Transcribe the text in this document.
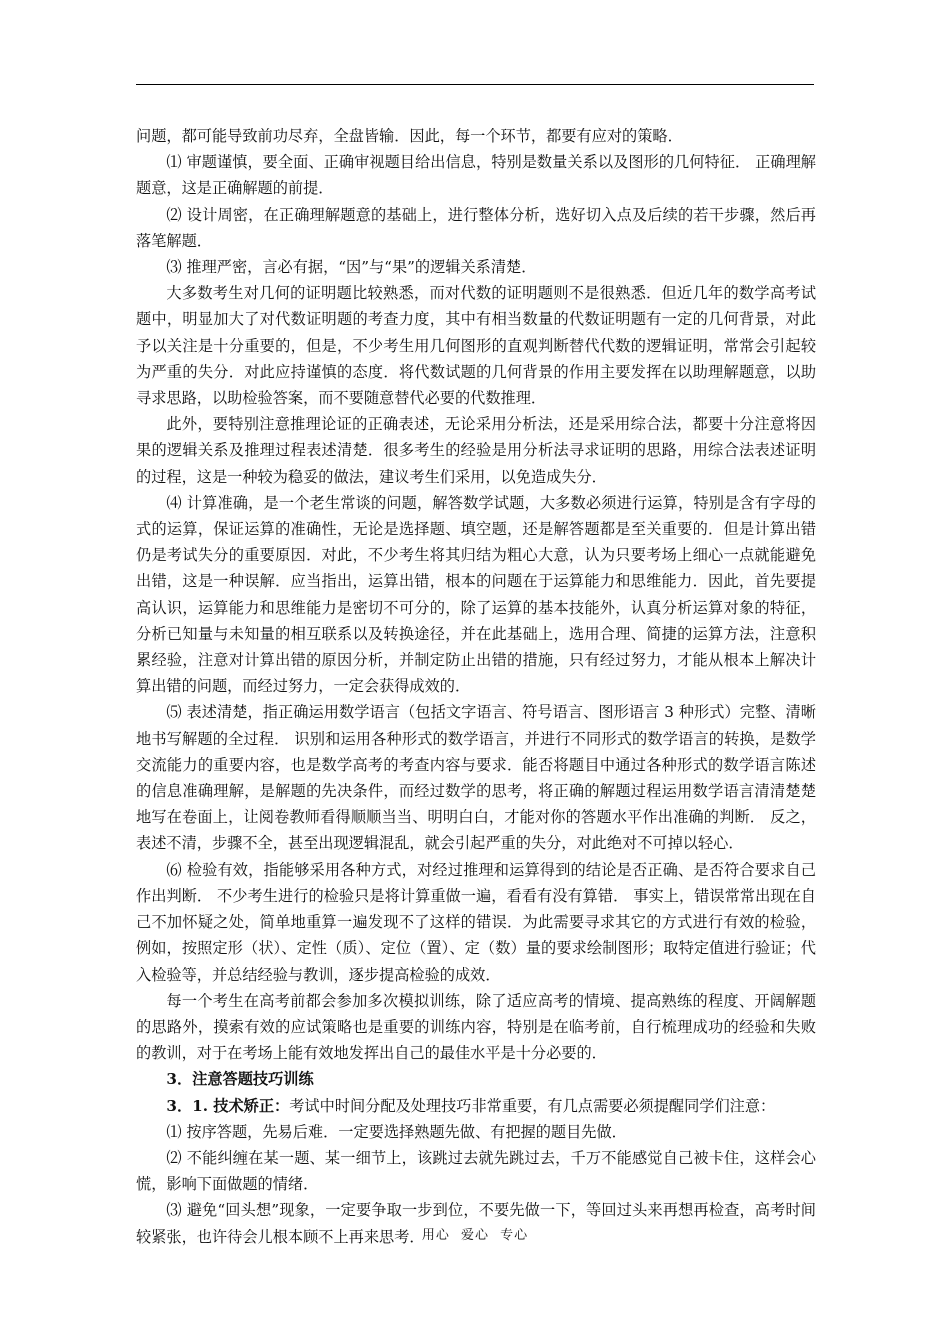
问题，都可能导致前功尽弃，全盘皆输．因此，每一个环节，都要有应对的策略．

⑴ 审题谨慎，要全面、正确审视题目给出信息，特别是数量关系以及图形的几何特征． 正确理解题意，这是正确解题的前提．

⑵ 设计周密，在正确理解题意的基础上，进行整体分析，选好切入点及后续的若干步骤，然后再落笔解题．

⑶ 推理严密，言必有据，“因”与“果”的逻辑关系清楚．

大多数考生对几何的证明题比较熟悉，而对代数的证明题则不是很熟悉．但近几年的数学高考试题中，明显加大了对代数证明题的考查力度，其中有相当数量的代数证明题有一定的几何背景，对此予以关注是十分重要的，但是，不少考生用几何图形的直观判断替代代数的逻辑证明，常常会引起较为严重的失分．对此应持谨慎的态度．将代数试题的几何背景的作用主要发挥在以助理解题意，以助寻求思路，以助检验答案，而不要随意替代必要的代数推理．

此外，要特别注意推理论证的正确表述，无论采用分析法，还是采用综合法，都要十分注意将因果的逻辑关系及推理过程表述清楚．很多考生的经验是用分析法寻求证明的思路，用综合法表述证明的过程，这是一种较为稳妥的做法，建议考生们采用，以免造成失分．

⑷ 计算准确，是一个老生常谈的问题，解答数学试题，大多数必须进行运算，特别是含有字母的式的运算，保证运算的准确性，无论是选择题、填空题，还是解答题都是至关重要的．但是计算出错仍是考试失分的重要原因．对此，不少考生将其归结为粗心大意，认为只要考场上细心一点就能避免出错，这是一种误解．应当指出，运算出错，根本的问题在于运算能力和思维能力．因此，首先要提高认识，运算能力和思维能力是密切不可分的，除了运算的基本技能外，认真分析运算对象的特征，分析已知量与未知量的相互联系以及转换途径，并在此基础上，选用合理、简捷的运算方法，注意积累经验，注意对计算出错的原因分析，并制定防止出错的措施，只有经过努力，才能从根本上解决计算出错的问题，而经过努力，一定会获得成效的．

⑸ 表述清楚，指正确运用数学语言（包括文字语言、符号语言、图形语言 3 种形式）完整、清晰地书写解题的全过程． 识别和运用各种形式的数学语言，并进行不同形式的数学语言的转换，是数学交流能力的重要内容，也是数学高考的考查内容与要求．能否将题目中通过各种形式的数学语言陈述的信息准确理解，是解题的先决条件，而经过数学的思考，将正确的解题过程运用数学语言清清楚楚地写在卷面上，让阅卷教师看得顺顺当当、明明白白，才能对你的答题水平作出准确的判断． 反之，表述不清，步骤不全，甚至出现逻辑混乱，就会引起严重的失分，对此绝对不可掉以轻心．

⑹ 检验有效，指能够采用各种方式，对经过推理和运算得到的结论是否正确、是否符合要求自己作出判断． 不少考生进行的检验只是将计算重做一遍，看看有没有算错． 事实上，错误常常出现在自己不加怀疑之处，简单地重算一遍发现不了这样的错误．为此需要寻求其它的方式进行有效的检验，例如，按照定形（状）、定性（质）、定位（置）、定（数）量的要求绘制图形；取特定值进行验证；代入检验等，并总结经验与教训，逐步提高检验的成效．

每一个考生在高考前都会参加多次模拟训练，除了适应高考的情境、提高熟练的程度、开阔解题的思路外，摸索有效的应试策略也是重要的训练内容，特别是在临考前，自行梳理成功的经验和失败的教训，对于在考场上能有效地发挥出自己的最佳水平是十分必要的．

3．注意答题技巧训练

3．1. 技术矫正：考试中时间分配及处理技巧非常重要，有几点需要必须提醒同学们注意：

⑴ 按序答题，先易后难．一定要选择熟题先做、有把握的题目先做．

⑵ 不能纠缠在某一题、某一细节上，该跳过去就先跳过去，千万不能感觉自己被卡住，这样会心慌，影响下面做题的情绪．

⑶ 避免“回头想”现象，一定要争取一步到位，不要先做一下，等回过头来再想再检查，高考时间较紧张，也许待会儿根本顾不上再来思考．

用心 爱心 专心
